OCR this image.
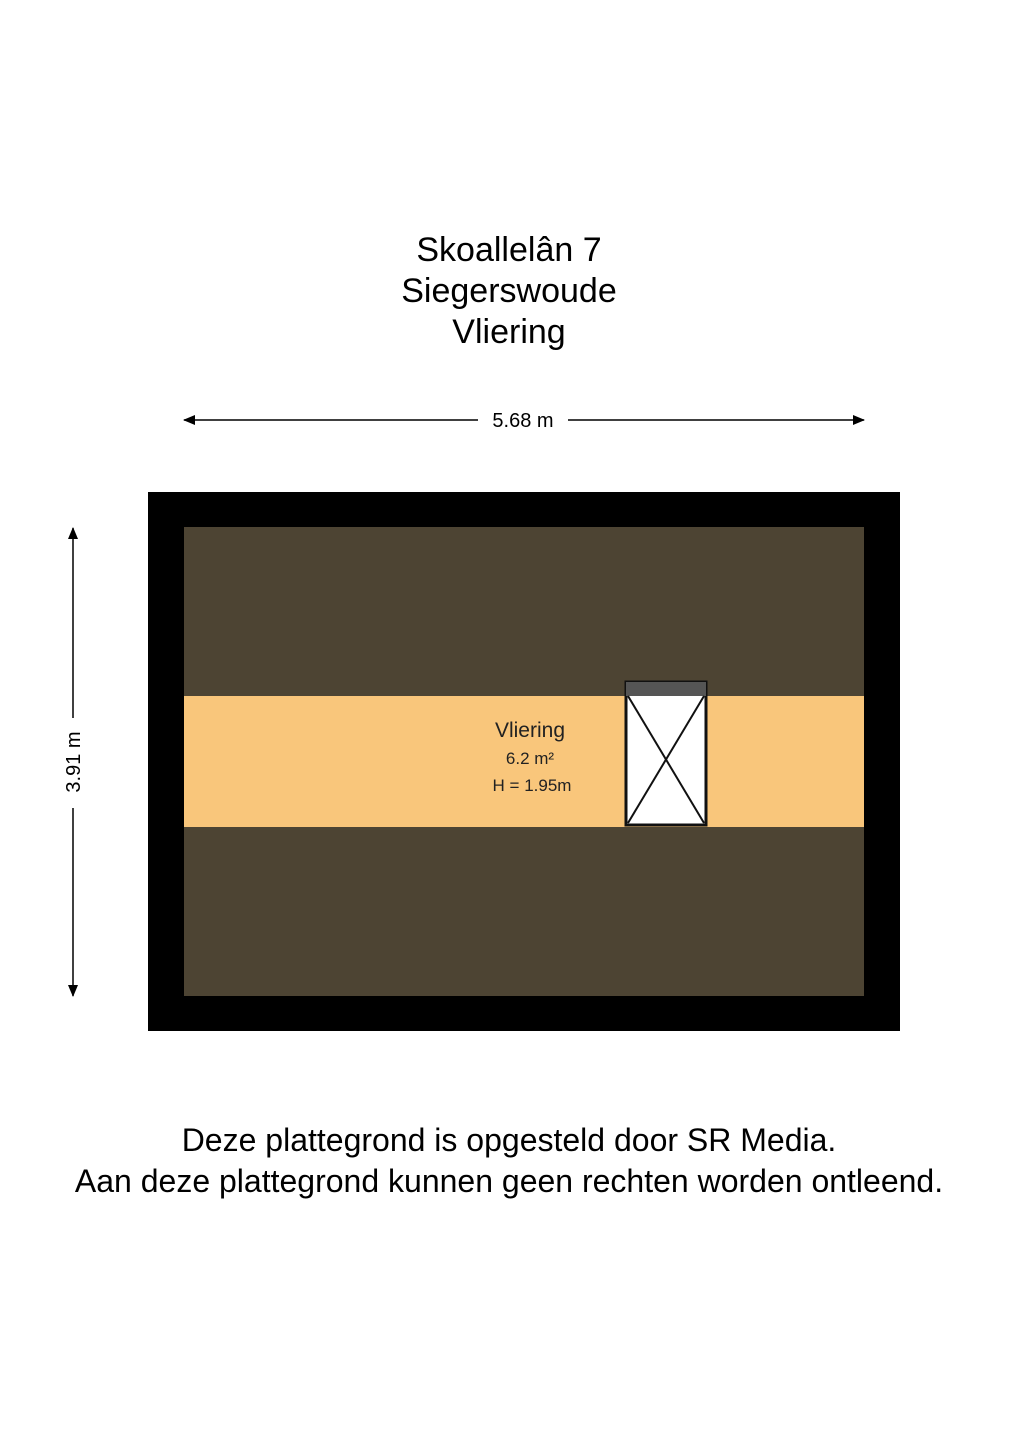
Skoallelân 7
Siegerswoude
Vliering
5.68 m
3.91 m
Vliering
6.2 m²
H = 1.95m
Deze plattegrond is opgesteld door SR Media.
Aan deze plattegrond kunnen geen rechten worden ontleend.
